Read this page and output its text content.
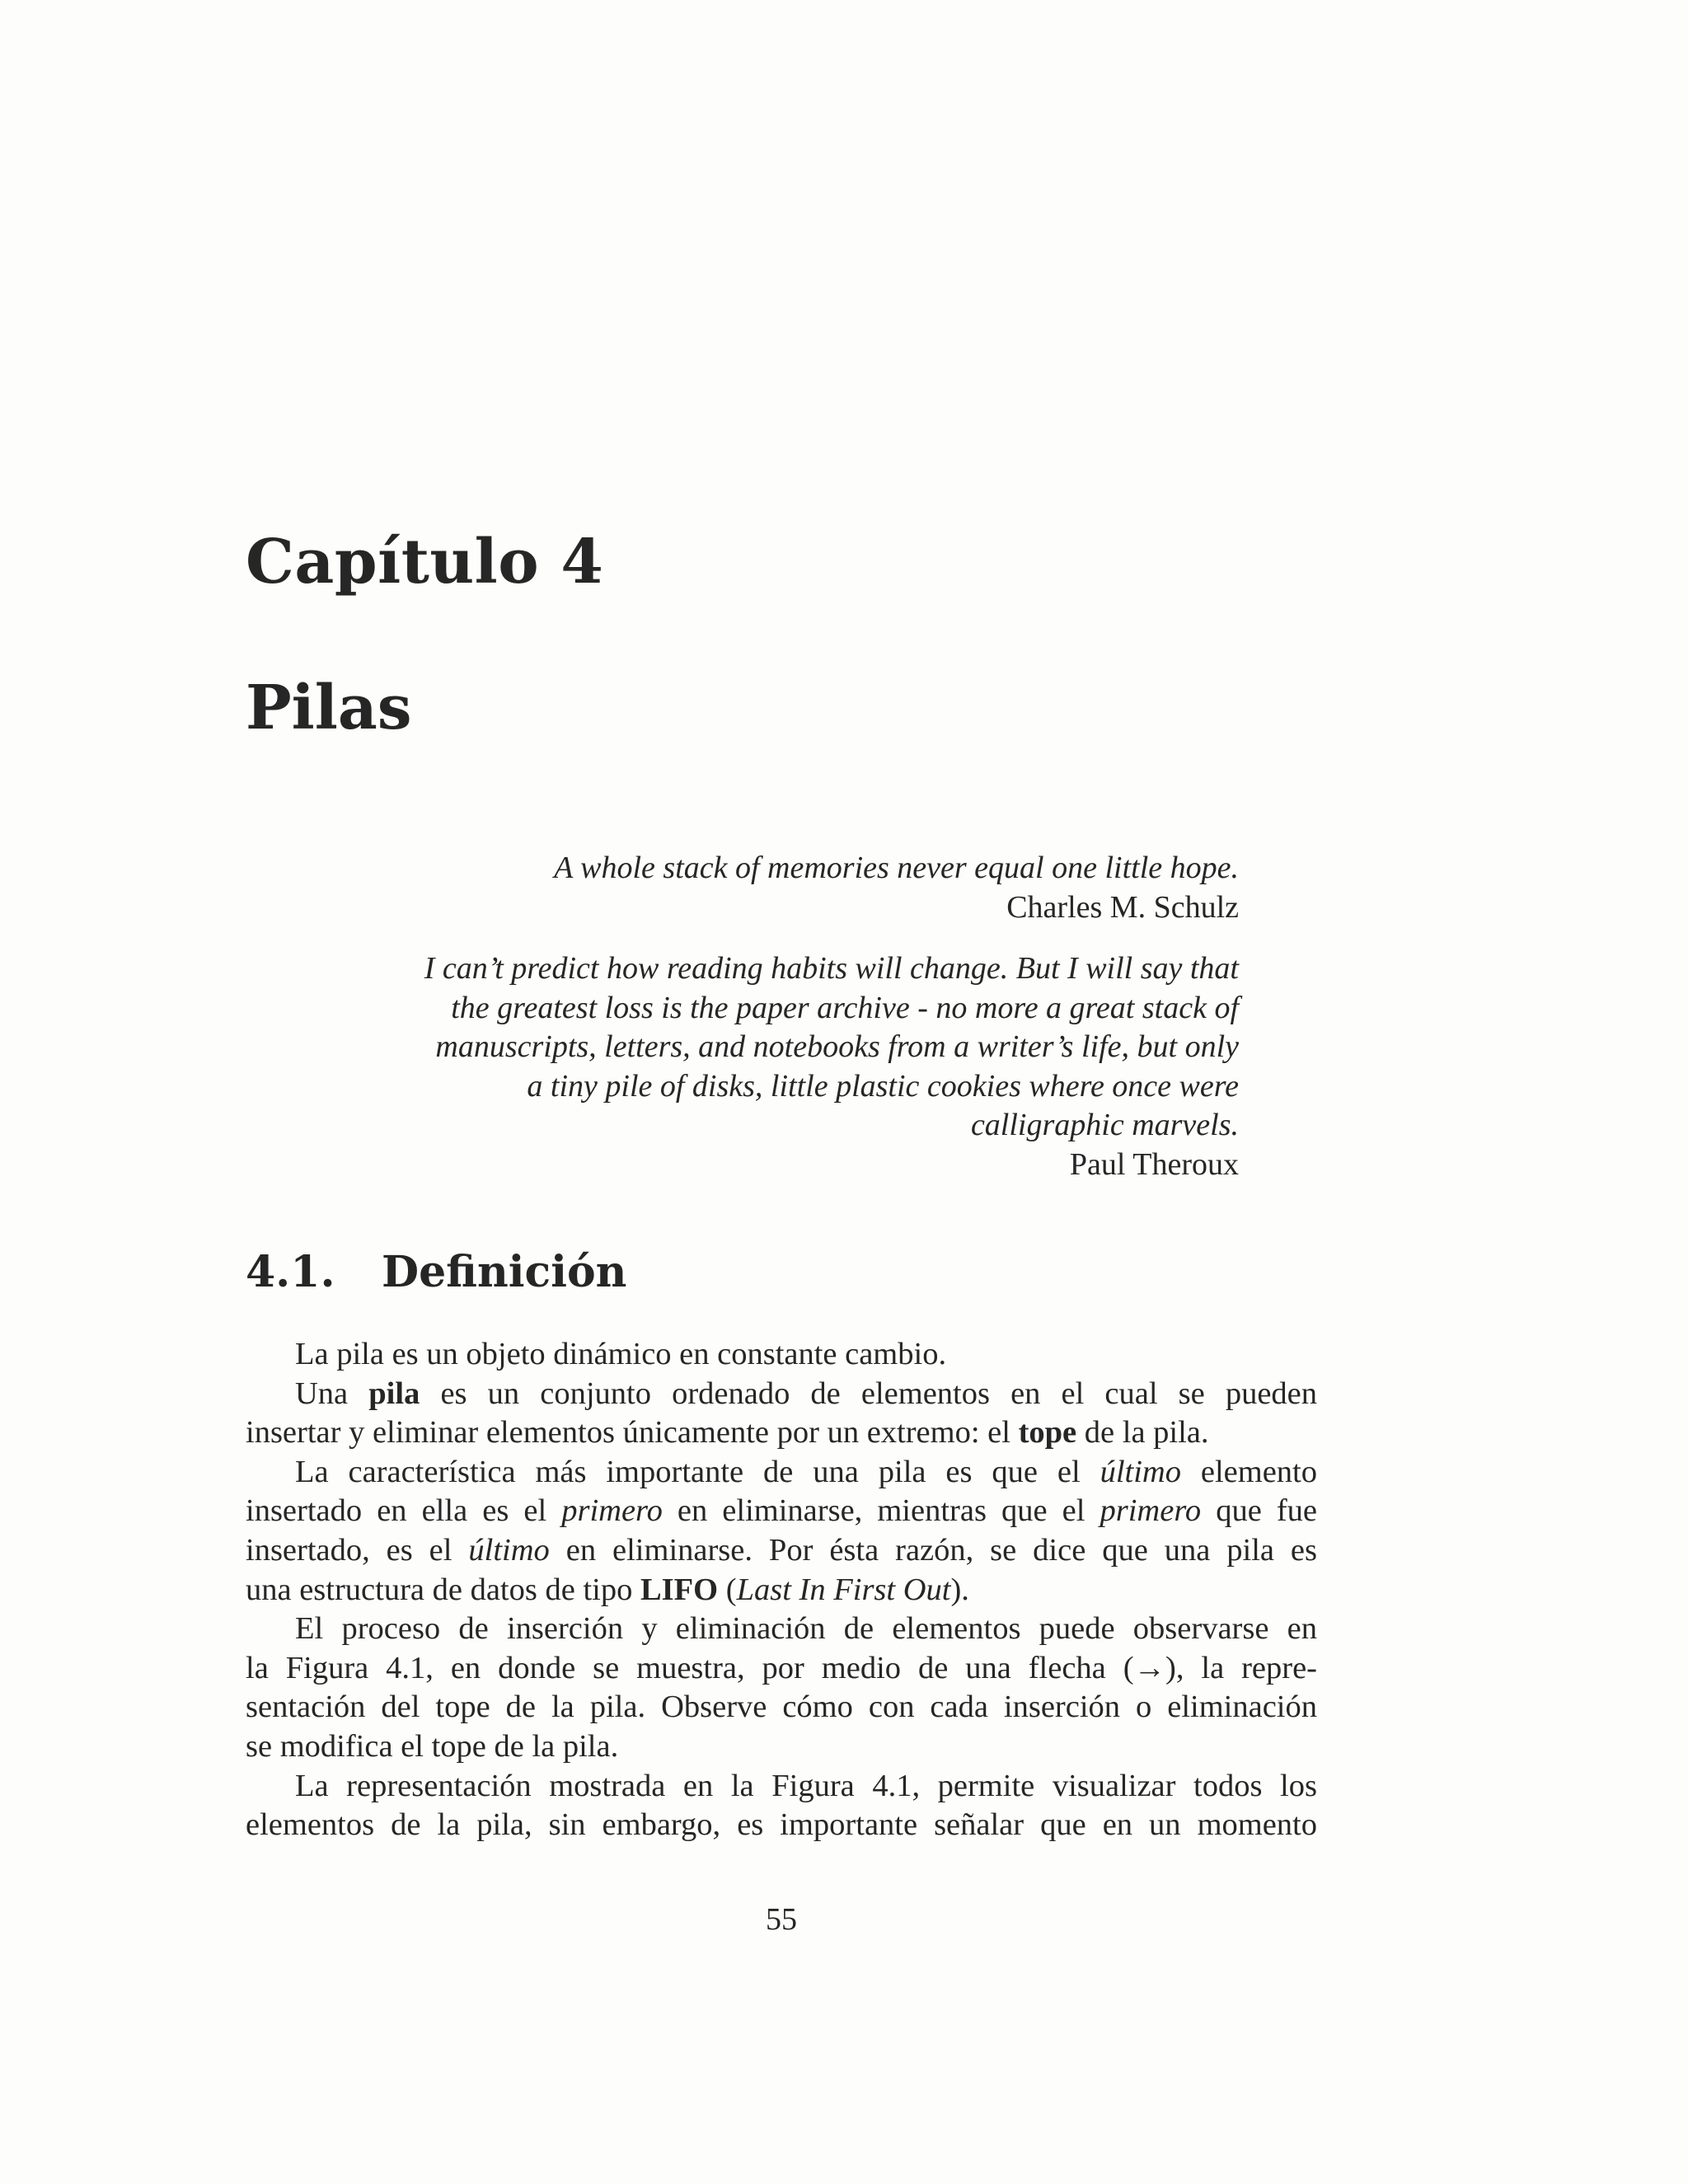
Capítulo 4
Pilas
A whole stack of memories never equal one little hope.
Charles M. Schulz
I can’t predict how reading habits will change. But I will say that
the greatest loss is the paper archive - no more a great stack of
manuscripts, letters, and notebooks from a writer’s life, but only
a tiny pile of disks, little plastic cookies where once were
calligraphic marvels.
Paul Theroux
4.1. Definición
La pila es un objeto dinámico en constante cambio.
Una pila es un conjunto ordenado de elementos en el cual se pueden
insertar y eliminar elementos únicamente por un extremo: el tope de la pila.
La característica más importante de una pila es que el último elemento
insertado en ella es el primero en eliminarse, mientras que el primero que fue
insertado, es el último en eliminarse. Por ésta razón, se dice que una pila es
una estructura de datos de tipo LIFO (Last In First Out).
El proceso de inserción y eliminación de elementos puede observarse en
la Figura 4.1, en donde se muestra, por medio de una flecha (→), la repre-
sentación del tope de la pila. Observe cómo con cada inserción o eliminación
se modifica el tope de la pila.
La representación mostrada en la Figura 4.1, permite visualizar todos los
elementos de la pila, sin embargo, es importante señalar que en un momento
55
